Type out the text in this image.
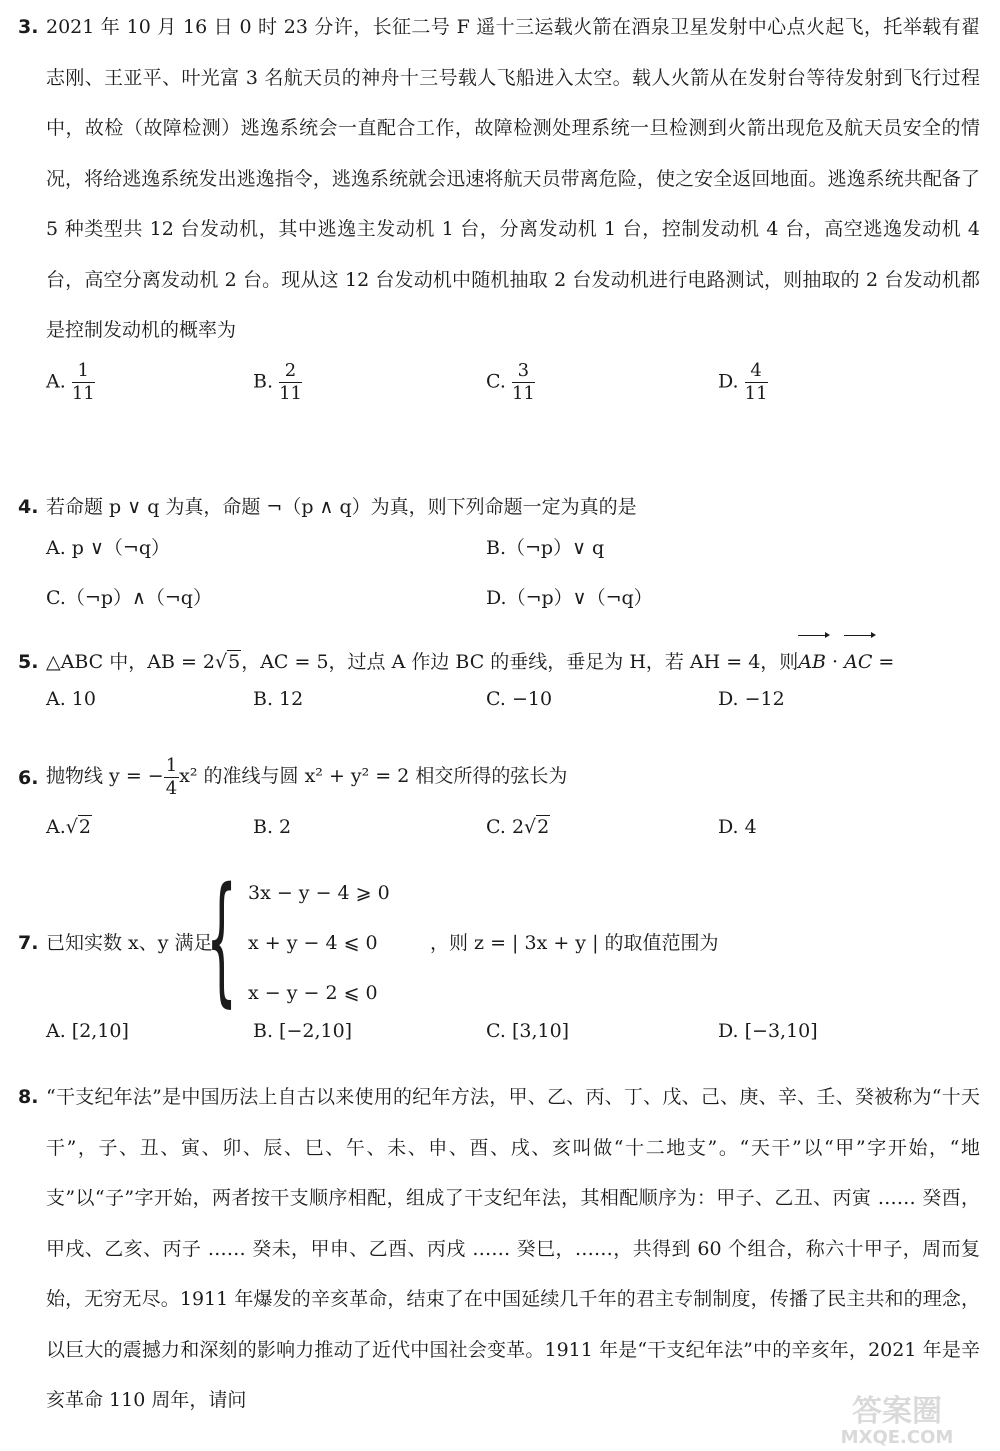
3. 2021 年 10 月 16 日 0 时 23 分许，长征二号 F 遥十三运载火箭在酒泉卫星发射中心点火起飞，托举载有翟志刚、王亚平、叶光富 3 名航天员的神舟十三号载人飞船进入太空。载人火箭从在发射台等待发射到飞行过程中，故检（故障检测）逃逸系统会一直配合工作，故障检测处理系统一旦检测到火箭出现危及航天员安全的情况，将给逃逸系统发出逃逸指令，逃逸系统就会迅速将航天员带离危险，使之安全返回地面。逃逸系统共配备了 5 种类型共 12 台发动机，其中逃逸主发动机 1 台，分离发动机 1 台，控制发动机 4 台，高空逃逸发动机 4 台，高空分离发动机 2 台。现从这 12 台发动机中随机抽取 2 台发动机进行电路测试，则抽取的 2 台发动机都是控制发动机的概率为
A. $\frac{1}{11}$	B. $\frac{2}{11}$	C. $\frac{3}{11}$	D. $\frac{4}{11}$
4. 若命题 p ∨ q 为真，命题 ¬（p ∧ q）为真，则下列命题一定为真的是
A. p ∨（¬q）	B.（¬p）∨ q
C.（¬p）∧（¬q）	D.（¬p）∨（¬q）
5. △ABC 中，AB = 2√5，AC = 5，过点 A 作边 BC 的垂线，垂足为 H，若 AH = 4，则AB · AC =
A. 10	B. 12	C. −10	D. −12
6. 抛物线 y = − $\frac{1}{4} x^2$ 的准线与圆 x² + y² = 2 相交所得的弦长为
A.√2	B. 2	C. 2√2	D. 4
7. 已知实数 x、y 满足
{ 3x − y − 4 ⩾ 0
x + y − 4 ⩽ 0
x − y − 2 ⩽ 0
，则 z = | 3x + y | 的取值范围为
A. [2,10]	B. [−2,10]	C. [3,10]	D. [−3,10]
8. “干支纪年法”是中国历法上自古以来使用的纪年方法，甲、乙、丙、丁、戊、己、庚、辛、壬、癸被称为“十天干”，子、丑、寅、卯、辰、巳、午、未、申、酉、戌、亥叫做“十二地支”。“天干”以“甲”字开始，“地支”以“子”字开始，两者按干支顺序相配，组成了干支纪年法，其相配顺序为：甲子、乙丑、丙寅 …… 癸酉，甲戌、乙亥、丙子 …… 癸未，甲申、乙酉、丙戌 …… 癸巳，……，共得到 60 个组合，称六十甲子，周而复始，无穷无尽。1911 年爆发的辛亥革命，结束了在中国延续几千年的君主专制制度，传播了民主共和的理念，以巨大的震撼力和深刻的影响力推动了近代中国社会变革。1911 年是“干支纪年法”中的辛亥年，2021 年是辛亥革命 110 周年，请问	答案圈
MXQE.COM
